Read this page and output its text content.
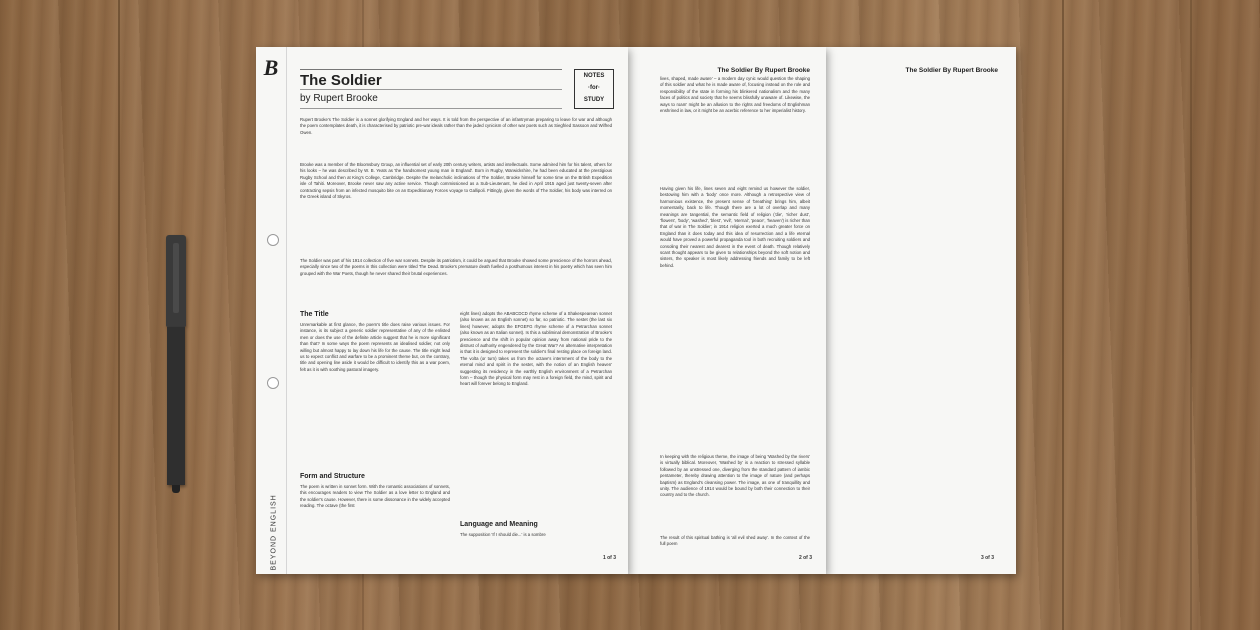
The Soldier By Rupert Brooke
3 of 3
The Soldier By Rupert Brooke
lives, shaped, made aware' – a modern day cynic would question the shaping of this soldier and what he is made aware of, focusing instead on the role and responsibility of the state in forming his blinkered nationalism and the many faces of politics and society that he seems blissfully unaware of. Likewise, the ways to roam' might be an allusion to the rights and freedoms of Englishman enshrined in law, or it might be an acerbic reference to her imperialist history.
Having given his life, lines seven and eight remind us however the soldier, bestowing him with a 'body' once more. Although a retrospective view of harmonious existence, the present sense of 'breathing' brings him, albeit momentarily, back to life. Though there are a lot of overlap and many meanings are tangential, the semantic field of religion ('die', 'richer dust', 'flowers', 'body', 'washed', 'blest', 'evil', 'eternal', 'peace', 'heaven') is richer than that of war in The Soldier; in 1914 religion exerted a much greater force on England than it does today and this idea of resurrection and a life eternal would have proved a powerful propaganda tool in both recruiting soldiers and consoling their nearest and dearest in the event of death. Though relatively scant thought appears to be given to relationships beyond the soft notion and sisters, the speaker is most likely addressing friends and family to be left behind.
In keeping with the religious theme, the image of being 'Washed by the rivers' is virtually biblical. Moreover, 'Washed by' is a reaction to stressed syllable followed by an unstressed one, diverging from the standard pattern of iambic pentameter, thereby drawing attention to the image of nature (and perhaps baptism) as England's cleansing power. The image, as one of tranquillity and unity. The audience of 1914 would be bound by both their connection to their country and to the church.
The result of this spiritual bathing is 'all evil shed away'. In the context of the full poem
2 of 3
B
BEYOND ENGLISH
The Soldier
by Rupert Brooke
NOTES
·for·
STUDY
Rupert Brooke's The Soldier is a sonnet glorifying England and her ways. It is told from the perspective of an infantryman preparing to leave for war and although the poem contemplates death, it is characterised by patriotic pre-war ideals rather than the jaded cynicism of other war poets such as Siegfried Sassoon and Wilfred Owen.
Brooke was a member of the Bloomsbury Group, an influential set of early 20th century writers, artists and intellectuals. Some admired him for his talent, others for his looks – he was described by W. B. Yeats as 'the handsomest young man in England'. Born in Rugby, Warwickshire, he had been educated at the prestigious Rugby School and then at King's College, Cambridge. Despite the melancholic inclinations of The Soldier, Brooke himself for some time on the British Expedition isle of Tahiti. Moreover, Brooke never saw any active service. Though commissioned as a Sub-Lieutenant, he died in April 1915 aged just twenty-seven after contracting sepsis from an infected mosquito bite on an Expeditionary Forces voyage to Gallipoli. Fittingly, given the words of The Soldier, his body was interred on the Greek island of Skyros.
The Soldier was part of his 1914 collection of five war sonnets. Despite its patriotism, it could be argued that Brooke showed some prescience of the horrors ahead, especially since two of the poems in this collection were titled The Dead. Brooke's premature death fuelled a posthumous interest in his poetry which has seen him grouped with the War Poets, though he never shared their brutal experiences.
The Title
Unremarkable at first glance, the poem's title does raise various issues. For instance, is its subject a generic soldier representative of any of the enlisted men or does the use of the definite article suggest that he is more significant than that? In some ways the poem represents an idealised soldier, not only willing but almost happy to lay down his life for the cause. The title might lead us to expect conflict and warfare to be a prominent theme but, on the contrary, title and opening line aside it would be difficult to identify this as a war poem, felt as it is with soothing pastoral imagery.
Form and Structure
The poem is written in sonnet form. With the romantic associations of sonnets, this encourages readers to view The Soldier as a love letter to England and the soldier's cause. However, there is some dissonance in the widely accepted reading. The octave (the first
eight lines) adopts the ABABCDCD rhyme scheme of a Shakespearean sonnet (also known as an English sonnet) so far, so patriotic. The sestet (the last six lines) however, adopts the EFGEFG rhyme scheme of a Petrarchan sonnet (also known as an Italian sonnet). Is this a subliminal demonstration of Brooke's prescience and the shift in popular opinion away from national pride to the distrust of authority engendered by the Great War? An alternative interpretation is that it is designed to represent the soldier's final resting place on foreign land. The volta (or turn) takes us from the octave's internment of the body to the eternal mind and spirit in the sestet, with the notion of an English heaven' suggesting its residency in the earthly English environment of a Petrarchan form – though the physical form may rest in a foreign field, the mind, spirit and heart will forever belong to England.
Language and Meaning
The supposition 'If I should die...' is a sombre
1 of 3
